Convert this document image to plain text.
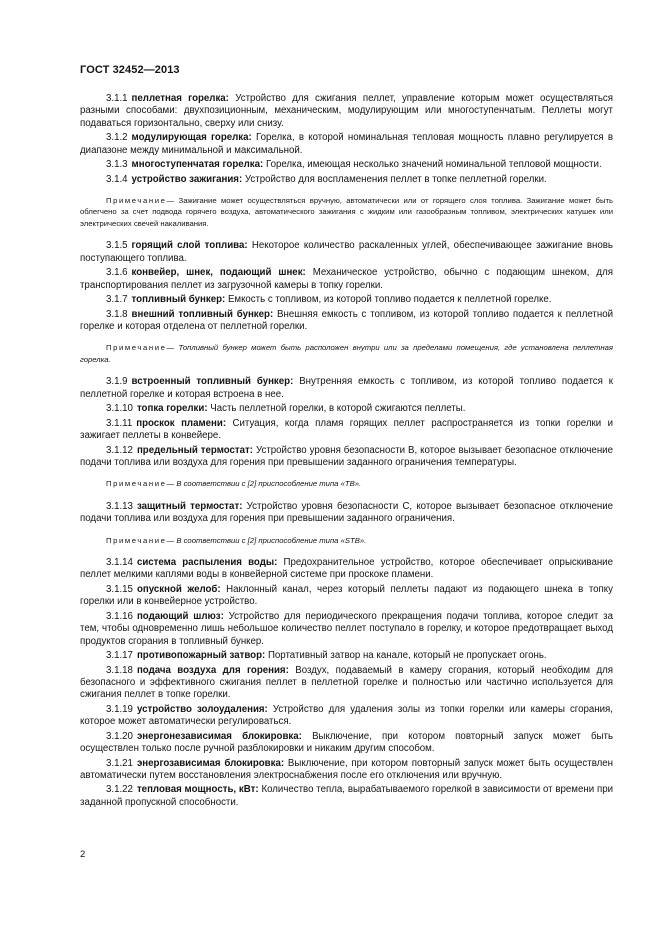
ГОСТ 32452—2013
3.1.1 пеллетная горелка: Устройство для сжигания пеллет, управление которым может осуществляться разными способами: двухпозиционным, механическим, модулирующим или многоступенчатым. Пеллеты могут подаваться горизонтально, сверху или снизу.
3.1.2 модулирующая горелка: Горелка, в которой номинальная тепловая мощность плавно регулируется в диапазоне между минимальной и максимальной.
3.1.3 многоступенчатая горелка: Горелка, имеющая несколько значений номинальной тепловой мощности.
3.1.4 устройство зажигания: Устройство для воспламенения пеллет в топке пеллетной горелки.
Примечание— Зажигание может осуществляться вручную, автоматически или от горящего слоя топлива. Зажигание может быть облегчено за счет подвода горячего воздуха, автоматического зажигания с жидким или газообразным топливом, электрических катушек или электрических свечей накаливания.
3.1.5 горящий слой топлива: Некоторое количество раскаленных углей, обеспечивающее зажигание вновь поступающего топлива.
3.1.6 конвейер, шнек, подающий шнек: Механическое устройство, обычно с подающим шнеком, для транспортирования пеллет из загрузочной камеры в топку горелки.
3.1.7 топливный бункер: Емкость с топливом, из которой топливо подается к пеллетной горелке.
3.1.8 внешний топливный бункер: Внешняя емкость с топливом, из которой топливо подается к пеллетной горелке и которая отделена от пеллетной горелки.
Примечание— Топливный бункер может быть расположен внутри или за пределами помещения, где установлена пеллетная горелка.
3.1.9 встроенный топливный бункер: Внутренняя емкость с топливом, из которой топливо подается к пеллетной горелке и которая встроена в нее.
3.1.10 топка горелки: Часть пеллетной горелки, в которой сжигаются пеллеты.
3.1.11 проскок пламени: Ситуация, когда пламя горящих пеллет распространяется из топки горелки и зажигает пеллеты в конвейере.
3.1.12 предельный термостат: Устройство уровня безопасности В, которое вызывает безопасное отключение подачи топлива или воздуха для горения при превышении заданного ограничения температуры.
Примечание— В соответствии с [2] приспособление типа «ТВ».
3.1.13 защитный термостат: Устройство уровня безопасности С, которое вызывает безопасное отключение подачи топлива или воздуха для горения при превышении заданного ограничения.
Примечание— В соответствии с [2] приспособление типа «STB».
3.1.14 система распыления воды: Предохранительное устройство, которое обеспечивает опрыскивание пеллет мелкими каплями воды в конвейерной системе при проскоке пламени.
3.1.15 опускной желоб: Наклонный канал, через который пеллеты падают из подающего шнека в топку горелки или в конвейерное устройство.
3.1.16 подающий шлюз: Устройство для периодического прекращения подачи топлива, которое следит за тем, чтобы одновременно лишь небольшое количество пеллет поступало в горелку, и которое предотвращает выход продуктов сгорания в топливный бункер.
3.1.17 противопожарный затвор: Портативный затвор на канале, который не пропускает огонь.
3.1.18 подача воздуха для горения: Воздух, подаваемый в камеру сгорания, который необходим для безопасного и эффективного сжигания пеллет в пеллетной горелке и полностью или частично используется для сжигания пеллет в топке горелки.
3.1.19 устройство золоудаления: Устройство для удаления золы из топки горелки или камеры сгорания, которое может автоматически регулироваться.
3.1.20 энергонезависимая блокировка: Выключение, при котором повторный запуск может быть осуществлен только после ручной разблокировки и никаким другим способом.
3.1.21 энергозависимая блокировка: Выключение, при котором повторный запуск может быть осуществлен автоматически путем восстановления электроснабжения после его отключения или вручную.
3.1.22 тепловая мощность, кВт: Количество тепла, вырабатываемого горелкой в зависимости от времени при заданной пропускной способности.
2
